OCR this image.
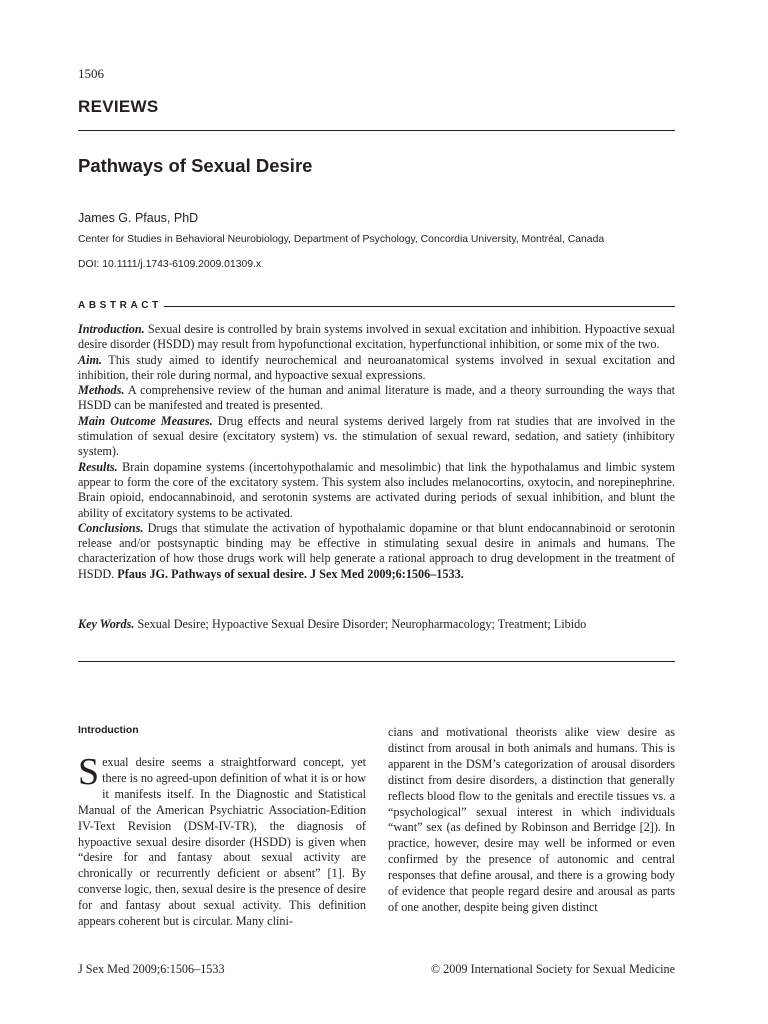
1506
REVIEWS
Pathways of Sexual Desire
James G. Pfaus, PhD
Center for Studies in Behavioral Neurobiology, Department of Psychology, Concordia University, Montréal, Canada
DOI: 10.1111/j.1743-6109.2009.01309.x
ABSTRACT

Introduction. Sexual desire is controlled by brain systems involved in sexual excitation and inhibition. Hypoactive sexual desire disorder (HSDD) may result from hypofunctional excitation, hyperfunctional inhibition, or some mix of the two.

Aim. This study aimed to identify neurochemical and neuroanatomical systems involved in sexual excitation and inhibition, their role during normal, and hypoactive sexual expressions.

Methods. A comprehensive review of the human and animal literature is made, and a theory surrounding the ways that HSDD can be manifested and treated is presented.

Main Outcome Measures. Drug effects and neural systems derived largely from rat studies that are involved in the stimulation of sexual desire (excitatory system) vs. the stimulation of sexual reward, sedation, and satiety (inhibitory system).

Results. Brain dopamine systems (incertohypothalamic and mesolimbic) that link the hypothalamus and limbic system appear to form the core of the excitatory system. This system also includes melanocortins, oxytocin, and norepinephrine. Brain opioid, endocannabinoid, and serotonin systems are activated during periods of sexual inhibition, and blunt the ability of excitatory systems to be activated.

Conclusions. Drugs that stimulate the activation of hypothalamic dopamine or that blunt endocannabinoid or serotonin release and/or postsynaptic binding may be effective in stimulating sexual desire in animals and humans. The characterization of how those drugs work will help generate a rational approach to drug development in the treatment of HSDD. Pfaus JG. Pathways of sexual desire. J Sex Med 2009;6:1506–1533.

Key Words. Sexual Desire; Hypoactive Sexual Desire Disorder; Neuropharmacology; Treatment; Libido
Introduction

Sexual desire seems a straightforward concept, yet there is no agreed-upon definition of what it is or how it manifests itself. In the Diagnostic and Statistical Manual of the American Psychiatric Association-Edition IV-Text Revision (DSM-IV-TR), the diagnosis of hypoactive sexual desire disorder (HSDD) is given when “desire for and fantasy about sexual activity are chronically or recurrently deficient or absent” [1]. By converse logic, then, sexual desire is the presence of desire for and fantasy about sexual activity. This definition appears coherent but is circular. Many clini-

cians and motivational theorists alike view desire as distinct from arousal in both animals and humans. This is apparent in the DSM’s categorization of arousal disorders distinct from desire disorders, a distinction that generally reflects blood flow to the genitals and erectile tissues vs. a “psychological” sexual interest in which individuals “want” sex (as defined by Robinson and Berridge [2]). In practice, however, desire may well be informed or even confirmed by the presence of autonomic and central responses that define arousal, and there is a growing body of evidence that people regard desire and arousal as parts of one another, despite being given distinct

J Sex Med 2009;6:1506–1533	© 2009 International Society for Sexual Medicine
